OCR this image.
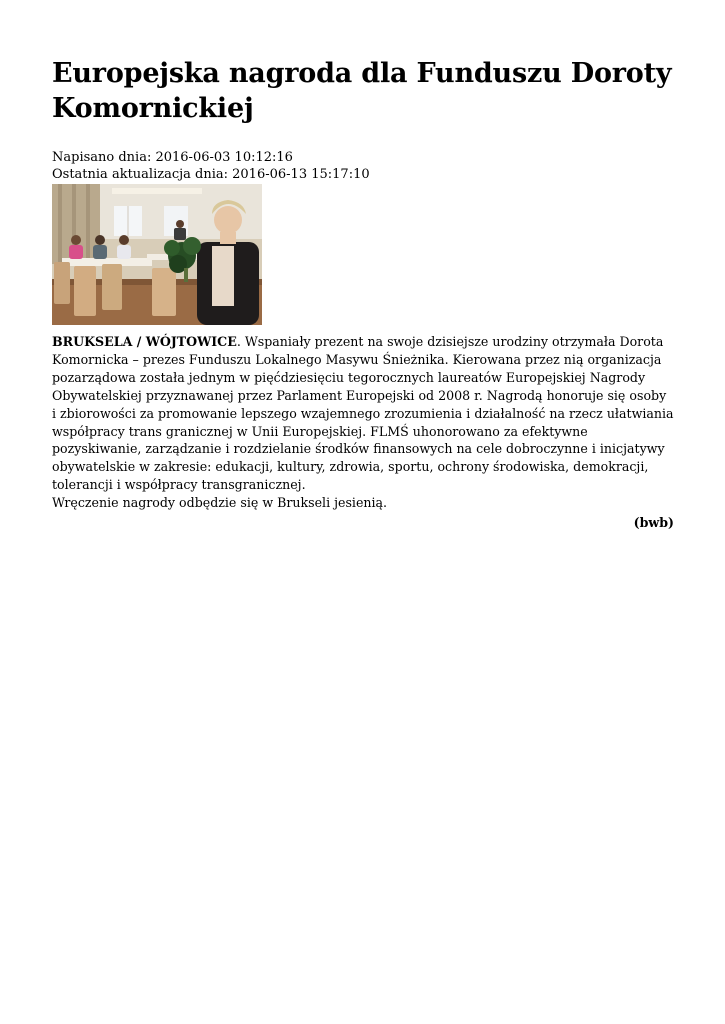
Europejska nagroda dla Funduszu Doroty Komornickiej
Napisano dnia: 2016-06-03 10:12:16
Ostatnia aktualizacja dnia: 2016-06-13 15:17:10

BRUKSELA / WÓJTOWICE. Wspaniały prezent na swoje dzisiejsze urodziny otrzymała Dorota Komornicka – prezes Funduszu Lokalnego Masywu Śnieżnika. Kierowana przez nią organizacja pozarządowa została jednym w pięćdziesięciu tegorocznych laureatów Europejskiej Nagrody Obywatelskiej przyznawanej przez Parlament Europejski od 2008 r. Nagrodą honoruje się osoby i zbiorowości za promowanie lepszego wzajemnego zrozumienia i działalność na rzecz ułatwiania współpracy trans granicznej w Unii Europejskiej. FLMŚ uhonorowano za efektywne pozyskiwanie, zarządzanie i rozdzielanie środków finansowych na cele dobroczynne i inicjatywy obywatelskie w zakresie: edukacji, kultury, zdrowia, sportu, ochrony środowiska, demokracji, tolerancji i współpracy transgranicznej.

Wręczenie nagrody odbędzie się w Brukseli jesienią.

(bwb)
